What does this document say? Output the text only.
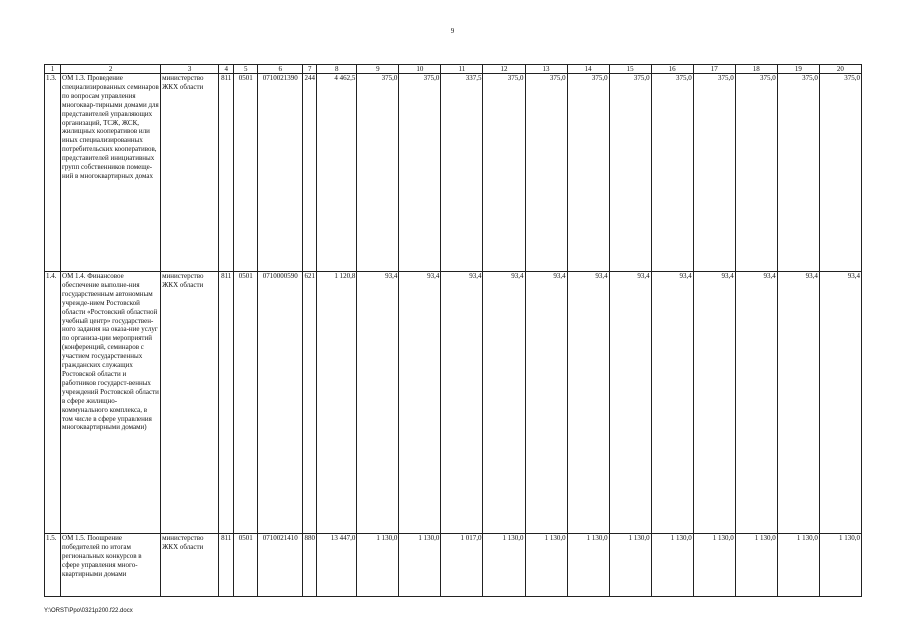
9
1	2	3	4	5	6	7	8	9	10	11	12	13	14	15	16	17	18	19	20
1.3.	ОМ 1.3. Проведение специализированных семинаров по вопросам управления многоквар-тирными домами для представителей управляющих организаций, ТСЖ, ЖСК, жилищных кооперативов или иных специализированных потребительских кооперативов, представителей инициативных групп собственников помеще-ний в многоквартирных домах	министерство ЖКХ области	811	0501	0710021390	244	4 462,5	375,0	375,0	337,5	375,0	375,0	375,0	375,0	375,0	375,0	375,0	375,0	375,0
1.4.	ОМ 1.4. Финансовое обеспечение выполне-ния государственным автономным учрежде-нием Ростовской области «Ростовский областной учебный центр» государствен-ного задания на оказа-ние услуг по организа-ции мероприятий (конференций, семинаров с участием государственных гражданских служащих Ростовской области и работников государст-венных учреждений Ростовской области в сфере жилищно-коммунального комплекса, в том числе в сфере управления многоквартирными домами)	министерство ЖКХ области	811	0501	0710000590	621	1 120,8	93,4	93,4	93,4	93,4	93,4	93,4	93,4	93,4	93,4	93,4	93,4	93,4
1.5.	ОМ 1.5. Поощрение победителей по итогам региональных конкурсов в сфере управления много-квартирными домами	министерство ЖКХ области	811	0501	0710021410	880	13 447,0	1 130,0	1 130,0	1 017,0	1 130,0	1 130,0	1 130,0	1 130,0	1 130,0	1 130,0	1 130,0	1 130,0	1 130,0
Y:\ORST\Ppo\0321p200.f22.docx
